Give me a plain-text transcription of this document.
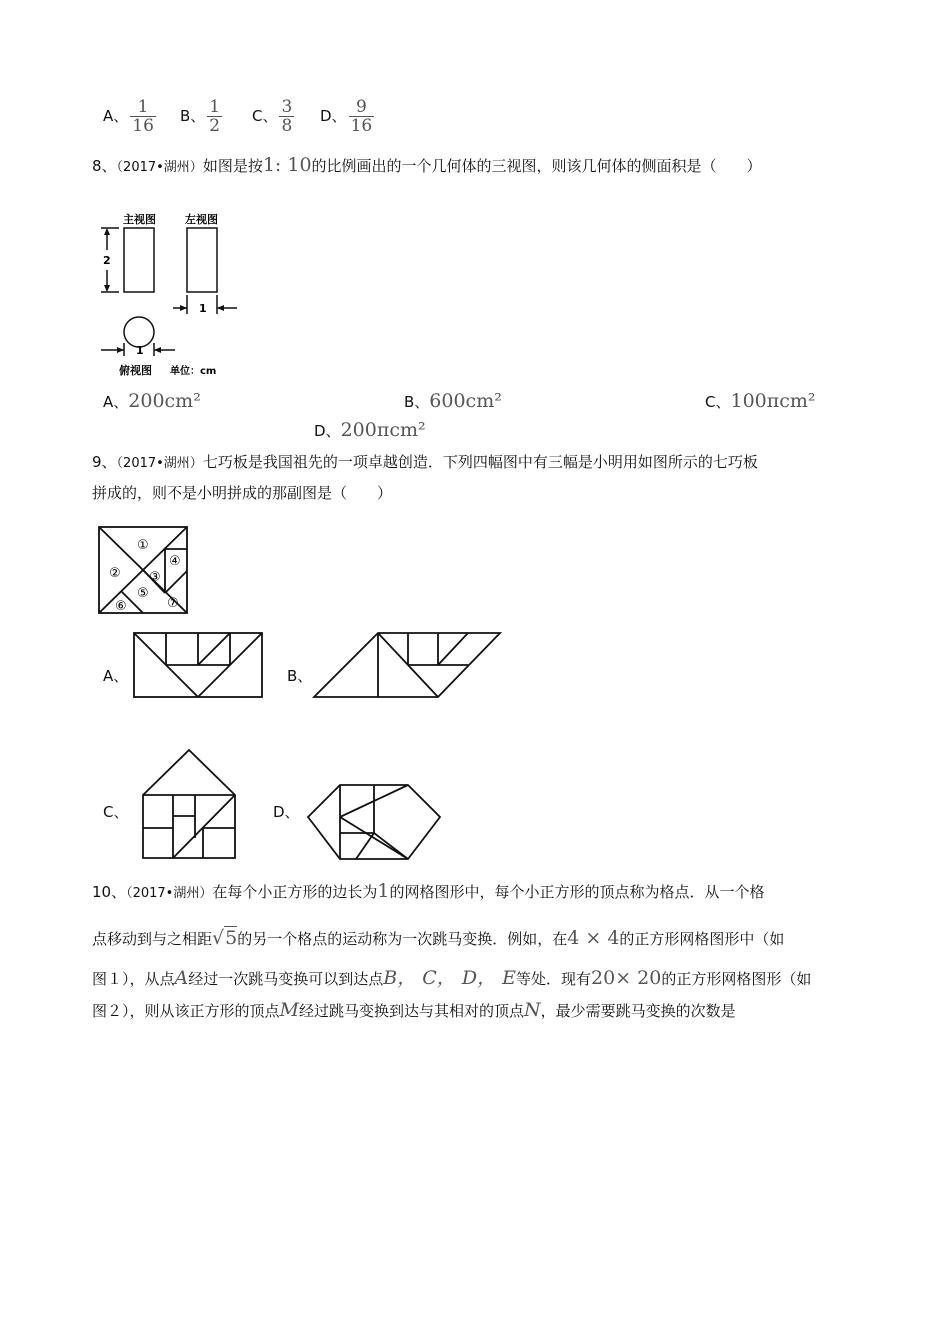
A、 $\frac{1}{16}$ B、 $\frac{1}{2}$ C、 $\frac{3}{8}$ D、 $\frac{9}{16}$
8、（2017•湖州）如图是按1: 10的比例画出的一个几何体的三视图，则该几何体的侧面积是（　　）
主视图	左视图
2
1
1
俯视图 单位：cm
A、200cm²	B、600cm²	C、100πcm²
D、200πcm²
9、（2017•湖州）七巧板是我国祖先的一项卓越创造．下列四幅图中有三幅是小明用如图所示的七巧板
拼成的，则不是小明拼成的那副图是（　　）
①
② ③
④
⑤
⑥	⑦
A、	B、
C、	D、
10、（2017•湖州）在每个小正方形的边长为1的网格图形中，每个小正方形的顶点称为格点．从一个格
点移动到与之相距√5的另一个格点的运动称为一次跳马变换．例如，在4 × 4的正方形网格图形中（如
图１），从点A经过一次跳马变换可以到达点B， C， D， E等处．现有20× 20的正方形网格图形（如
图２），则从该正方形的顶点M经过跳马变换到达与其相对的顶点N，最少需要跳马变换的次数是
